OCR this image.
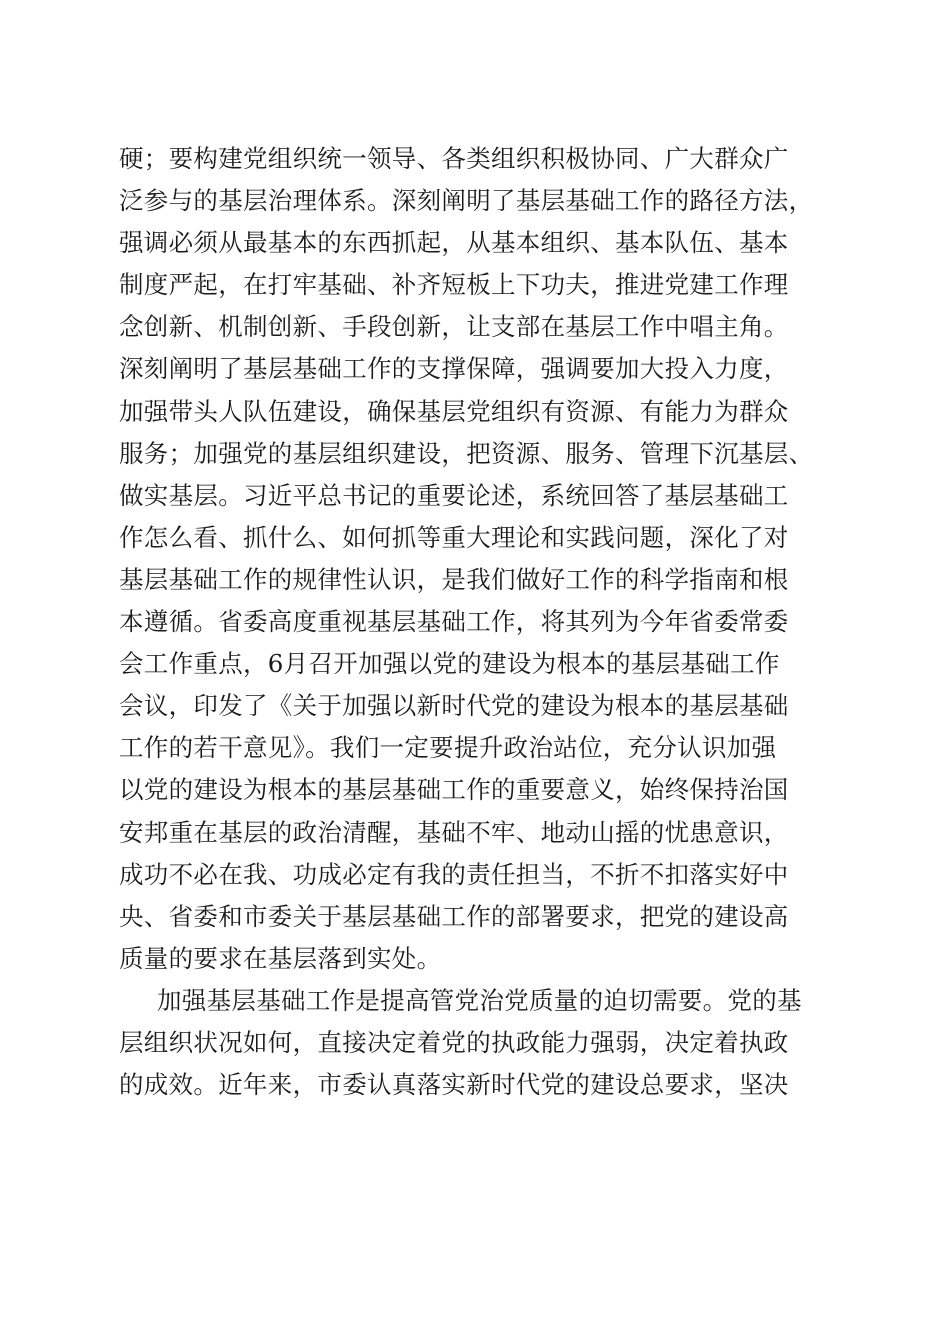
硬；要构建党组织统一领导、各类组织积极协同、广大群众广
泛参与的基层治理体系。深刻阐明了基层基础工作的路径方法，
强调必须从最基本的东西抓起，从基本组织、基本队伍、基本
制度严起，在打牢基础、补齐短板上下功夫，推进党建工作理
念创新、机制创新、手段创新，让支部在基层工作中唱主角。
深刻阐明了基层基础工作的支撑保障，强调要加大投入力度，
加强带头人队伍建设，确保基层党组织有资源、有能力为群众
服务；加强党的基层组织建设，把资源、服务、管理下沉基层、
做实基层。习近平总书记的重要论述，系统回答了基层基础工
作怎么看、抓什么、如何抓等重大理论和实践问题，深化了对
基层基础工作的规律性认识，是我们做好工作的科学指南和根
本遵循。省委高度重视基层基础工作，将其列为今年省委常委
会工作重点，6月召开加强以党的建设为根本的基层基础工作
会议，印发了《关于加强以新时代党的建设为根本的基层基础
工作的若干意见》。我们一定要提升政治站位，充分认识加强
以党的建设为根本的基层基础工作的重要意义，始终保持治国
安邦重在基层的政治清醒，基础不牢、地动山摇的忧患意识，
成功不必在我、功成必定有我的责任担当，不折不扣落实好中
央、省委和市委关于基层基础工作的部署要求，把党的建设高
质量的要求在基层落到实处。
加强基层基础工作是提高管党治党质量的迫切需要。党的基
层组织状况如何，直接决定着党的执政能力强弱，决定着执政
的成效。近年来，市委认真落实新时代党的建设总要求，坚决
